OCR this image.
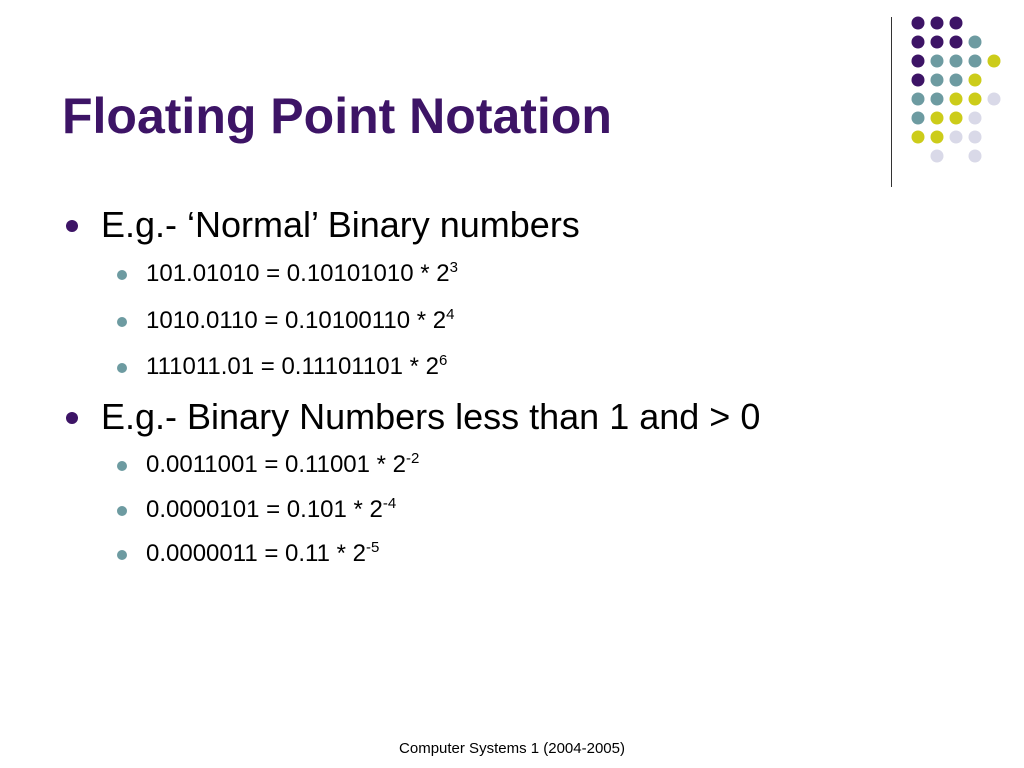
Floating Point Notation
E.g.- ‘Normal’ Binary numbers
$101.01010 = 0.10101010 * 2^3$
$1010.0110 = 0.10100110 * 2^4$
$111011.01 = 0.11101101 * 2^6$
E.g.- Binary Numbers less than 1 and > 0
$0.0011001 = 0.11001 * 2^{-2}$
$0.0000101 = 0.101 * 2^{-4}$
$0.0000011 = 0.11 * 2^{-5}$
Computer Systems 1 (2004-2005)
